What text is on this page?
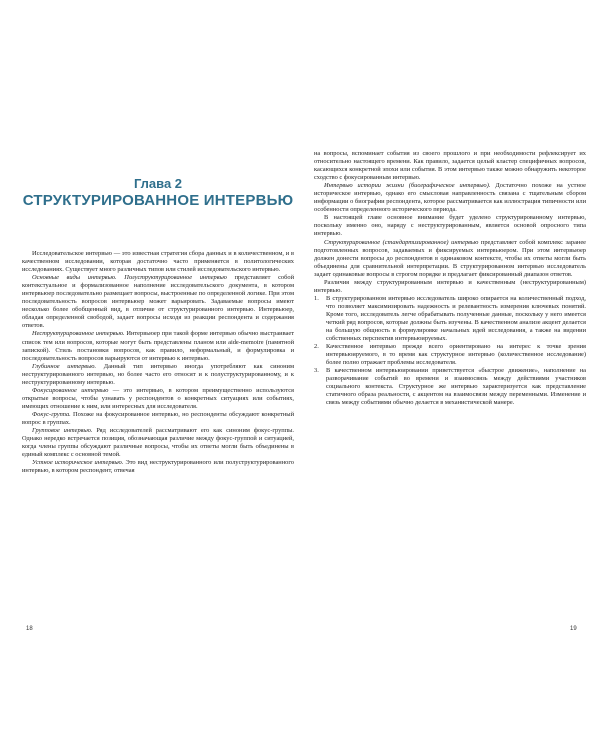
Глава 2
СТРУКТУРИРОВАННОЕ ИНТЕРВЬЮ

Исследовательское интервью — это известная стратегия сбора данных и в количественном, и в качественном исследовании, которая достаточно часто применяется в политологических исследованиях. Существует много различных типов или стилей исследовательского интервью.

Основные виды интервью. Полуструктурированное интервью представляет собой контекстуальное и формализованное наполнение исследовательского документа, в котором интервьюер последовательно размещает вопросы, выстроенные по определенной логике. При этом последовательность вопросов интервьюер может варьировать. Задаваемые вопросы имеют несколько более обобщенный вид, в отличие от структурированного интервью. Интервьюер, обладая определенной свободой, задает вопросы исходя из реакции респондента и содержания ответов.

Неструктурированное интервью. Интервьюер при такой форме интервью обычно выстраивает список тем или вопросов, которые могут быть представлены планом или aide-memoire (памятной запиской). Стиль постановки вопросов, как правило, неформальный, и формулировка и последовательность вопросов варьируются от интервью к интервью.

Глубинное интервью. Данный тип интервью иногда употребляют как синоним неструктурированного интервью, но более часто его относят и к полуструктурированному, и к неструктурированному интервью.

Фокусированное интервью — это интервью, в котором преимущественно используются открытые вопросы, чтобы узнавать у респондентов о конкретных ситуациях или событиях, имеющих отношение к ним, или интересных для исследователя.

Фокус-группа. Похоже на фокусированное интервью, но респонденты обсуждают конкретный вопрос в группах.

Групповое интервью. Ряд исследователей рассматривают его как синоним фокус-группы. Однако нередко встречается позиция, обозначающая различие между фокус-группой и ситуацией, когда члены группы обсуждают различные вопросы, чтобы их ответы могли быть объединены в единый комплекс с основной темой.

Устное историческое интервью. Это вид неструктурированного или полуструктурированного интервью, в котором респондент, отвечая

на вопросы, вспоминает события из своего прошлого и при необходимости рефлексирует их относительно настоящего времени. Как правило, задается целый кластер специфичных вопросов, касающихся конкретной эпохи или события. В этом интервью также можно обнаружить некоторое сходство с фокусированным интервью.

Интервью истории жизни (биографическое интервью). Достаточно похоже на устное историческое интервью, однако его смысловая направленность связана с тщательным сбором информации о биографии респондента, которое рассматривается как иллюстрация типичности или особенности определенного исторического периода.

В настоящей главе основное внимание будет уделено структурированному интервью, поскольку именно оно, наряду с неструктурированным, является основой опросного типа интервью.

Структурированное (стандартизированное) интервью представляет собой комплекс заранее подготовленных вопросов, задаваемых и фиксируемых интервьюером. При этом интервьюер должен донести вопросы до респондентов в одинаковом контексте, чтобы их ответы могли быть объединены для сравнительной интерпретации. В структурированном интервью исследователь задает одинаковые вопросы в строгом порядке и предлагает фиксированный диапазон ответов.

Различия между структурированным интервью и качественным (неструктурированным) интервью.

1. В структурированном интервью исследователь широко опирается на количественный подход, что позволяет максимизировать надежность и релевантность измерения ключевых понятий. Кроме того, исследователь легче обрабатывать полученные данные, поскольку у него имеется четкий ряд вопросов, которые должны быть изучены. В качественном анализе акцент делается на большую общность в формулировке начальных идей исследования, а также на видении собственных перспектив интервьюируемых.
2. Качественное интервью прежде всего ориентировано на интерес к точке зрения интервьюируемого, в то время как структурное интервью (количественное исследование) более полно отражает проблемы исследователя.
3. В качественном интервьюировании приветствуется «быстрое движение», наполнение на разворачивание событий во времени и взаимосвязь между действиями участников социального контекста. Структурное же интервью характеризуется как представление статичного образа реальности, с акцентом на взаимосвязи между переменными. Изменение и связь между событиями обычно делается в механистической манере.
18	19
